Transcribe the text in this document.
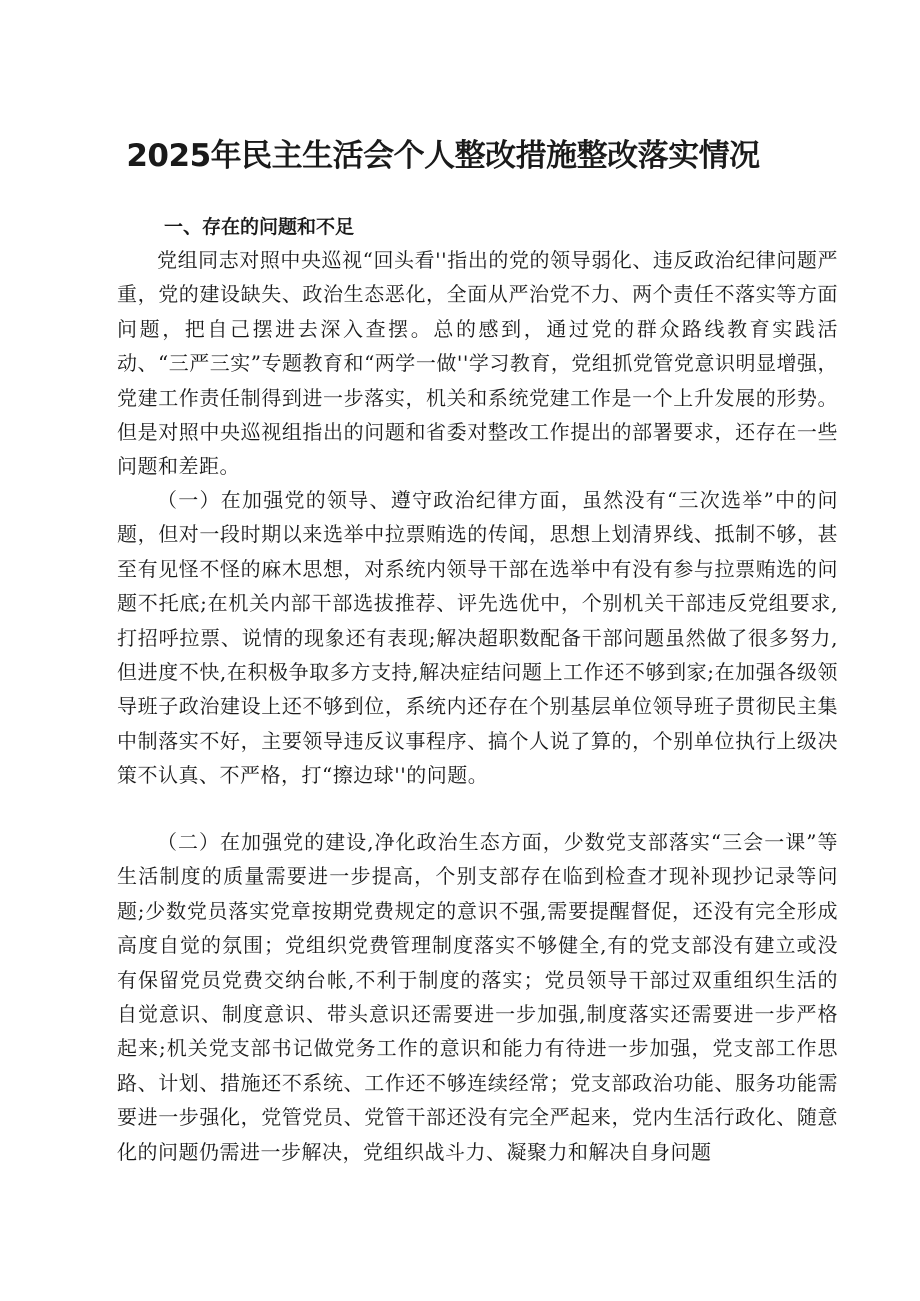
2025年民主生活会个人整改措施整改落实情况
一、存在的问题和不足

党组同志对照中央巡视“回头看''指出的党的领导弱化、违反政治纪律问题严重，党的建设缺失、政治生态恶化，全面从严治党不力、两个责任不落实等方面问题，把自己摆进去深入查摆。总的感到，通过党的群众路线教育实践活动、“三严三实”专题教育和“两学一做''学习教育，党组抓党管党意识明显增强，党建工作责任制得到进一步落实，机关和系统党建工作是一个上升发展的形势。但是对照中央巡视组指出的问题和省委对整改工作提出的部署要求，还存在一些问题和差距。

（一）在加强党的领导、遵守政治纪律方面，虽然没有“三次选举”中的问题，但对一段时期以来选举中拉票贿选的传闻，思想上划清界线、抵制不够，甚至有见怪不怪的麻木思想，对系统内领导干部在选举中有没有参与拉票贿选的问题不托底;在机关内部干部选拔推荐、评先选优中，个别机关干部违反党组要求,打招呼拉票、说情的现象还有表现;解决超职数配备干部问题虽然做了很多努力,但进度不快,在积极争取多方支持,解决症结问题上工作还不够到家;在加强各级领导班子政治建设上还不够到位，系统内还存在个别基层单位领导班子贯彻民主集中制落实不好，主要领导违反议事程序、搞个人说了算的，个别单位执行上级决策不认真、不严格，打“擦边球''的问题。

（二）在加强党的建设,净化政治生态方面，少数党支部落实“三会一课”等生活制度的质量需要进一步提高，个别支部存在临到检查才现补现抄记录等问题;少数党员落实党章按期党费规定的意识不强,需要提醒督促，还没有完全形成高度自觉的氛围；党组织党费管理制度落实不够健全,有的党支部没有建立或没有保留党员党费交纳台帐,不利于制度的落实；党员领导干部过双重组织生活的自觉意识、制度意识、带头意识还需要进一步加强,制度落实还需要进一步严格起来;机关党支部书记做党务工作的意识和能力有待进一步加强，党支部工作思路、计划、措施还不系统、工作还不够连续经常；党支部政治功能、服务功能需要进一步强化，党管党员、党管干部还没有完全严起来，党内生活行政化、随意化的问题仍需进一步解决，党组织战斗力、凝聚力和解决自身问题
